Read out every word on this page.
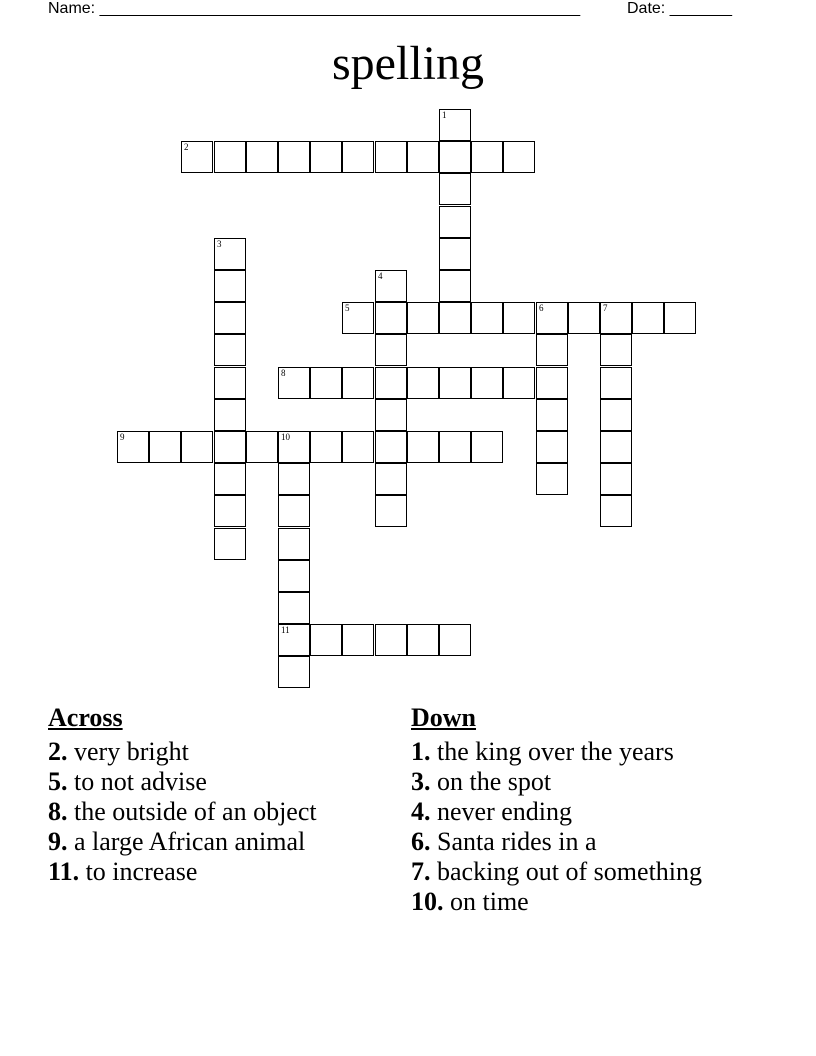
Name: ______________________________________________________	Date: _______
spelling
1
2
3
4
5	6	7
8
9	10
11
Across
2. very bright
5. to not advise
8. the outside of an object
9. a large African animal
11. to increase
Down
1. the king over the years
3. on the spot
4. never ending
6. Santa rides in a
7. backing out of something
10. on time
